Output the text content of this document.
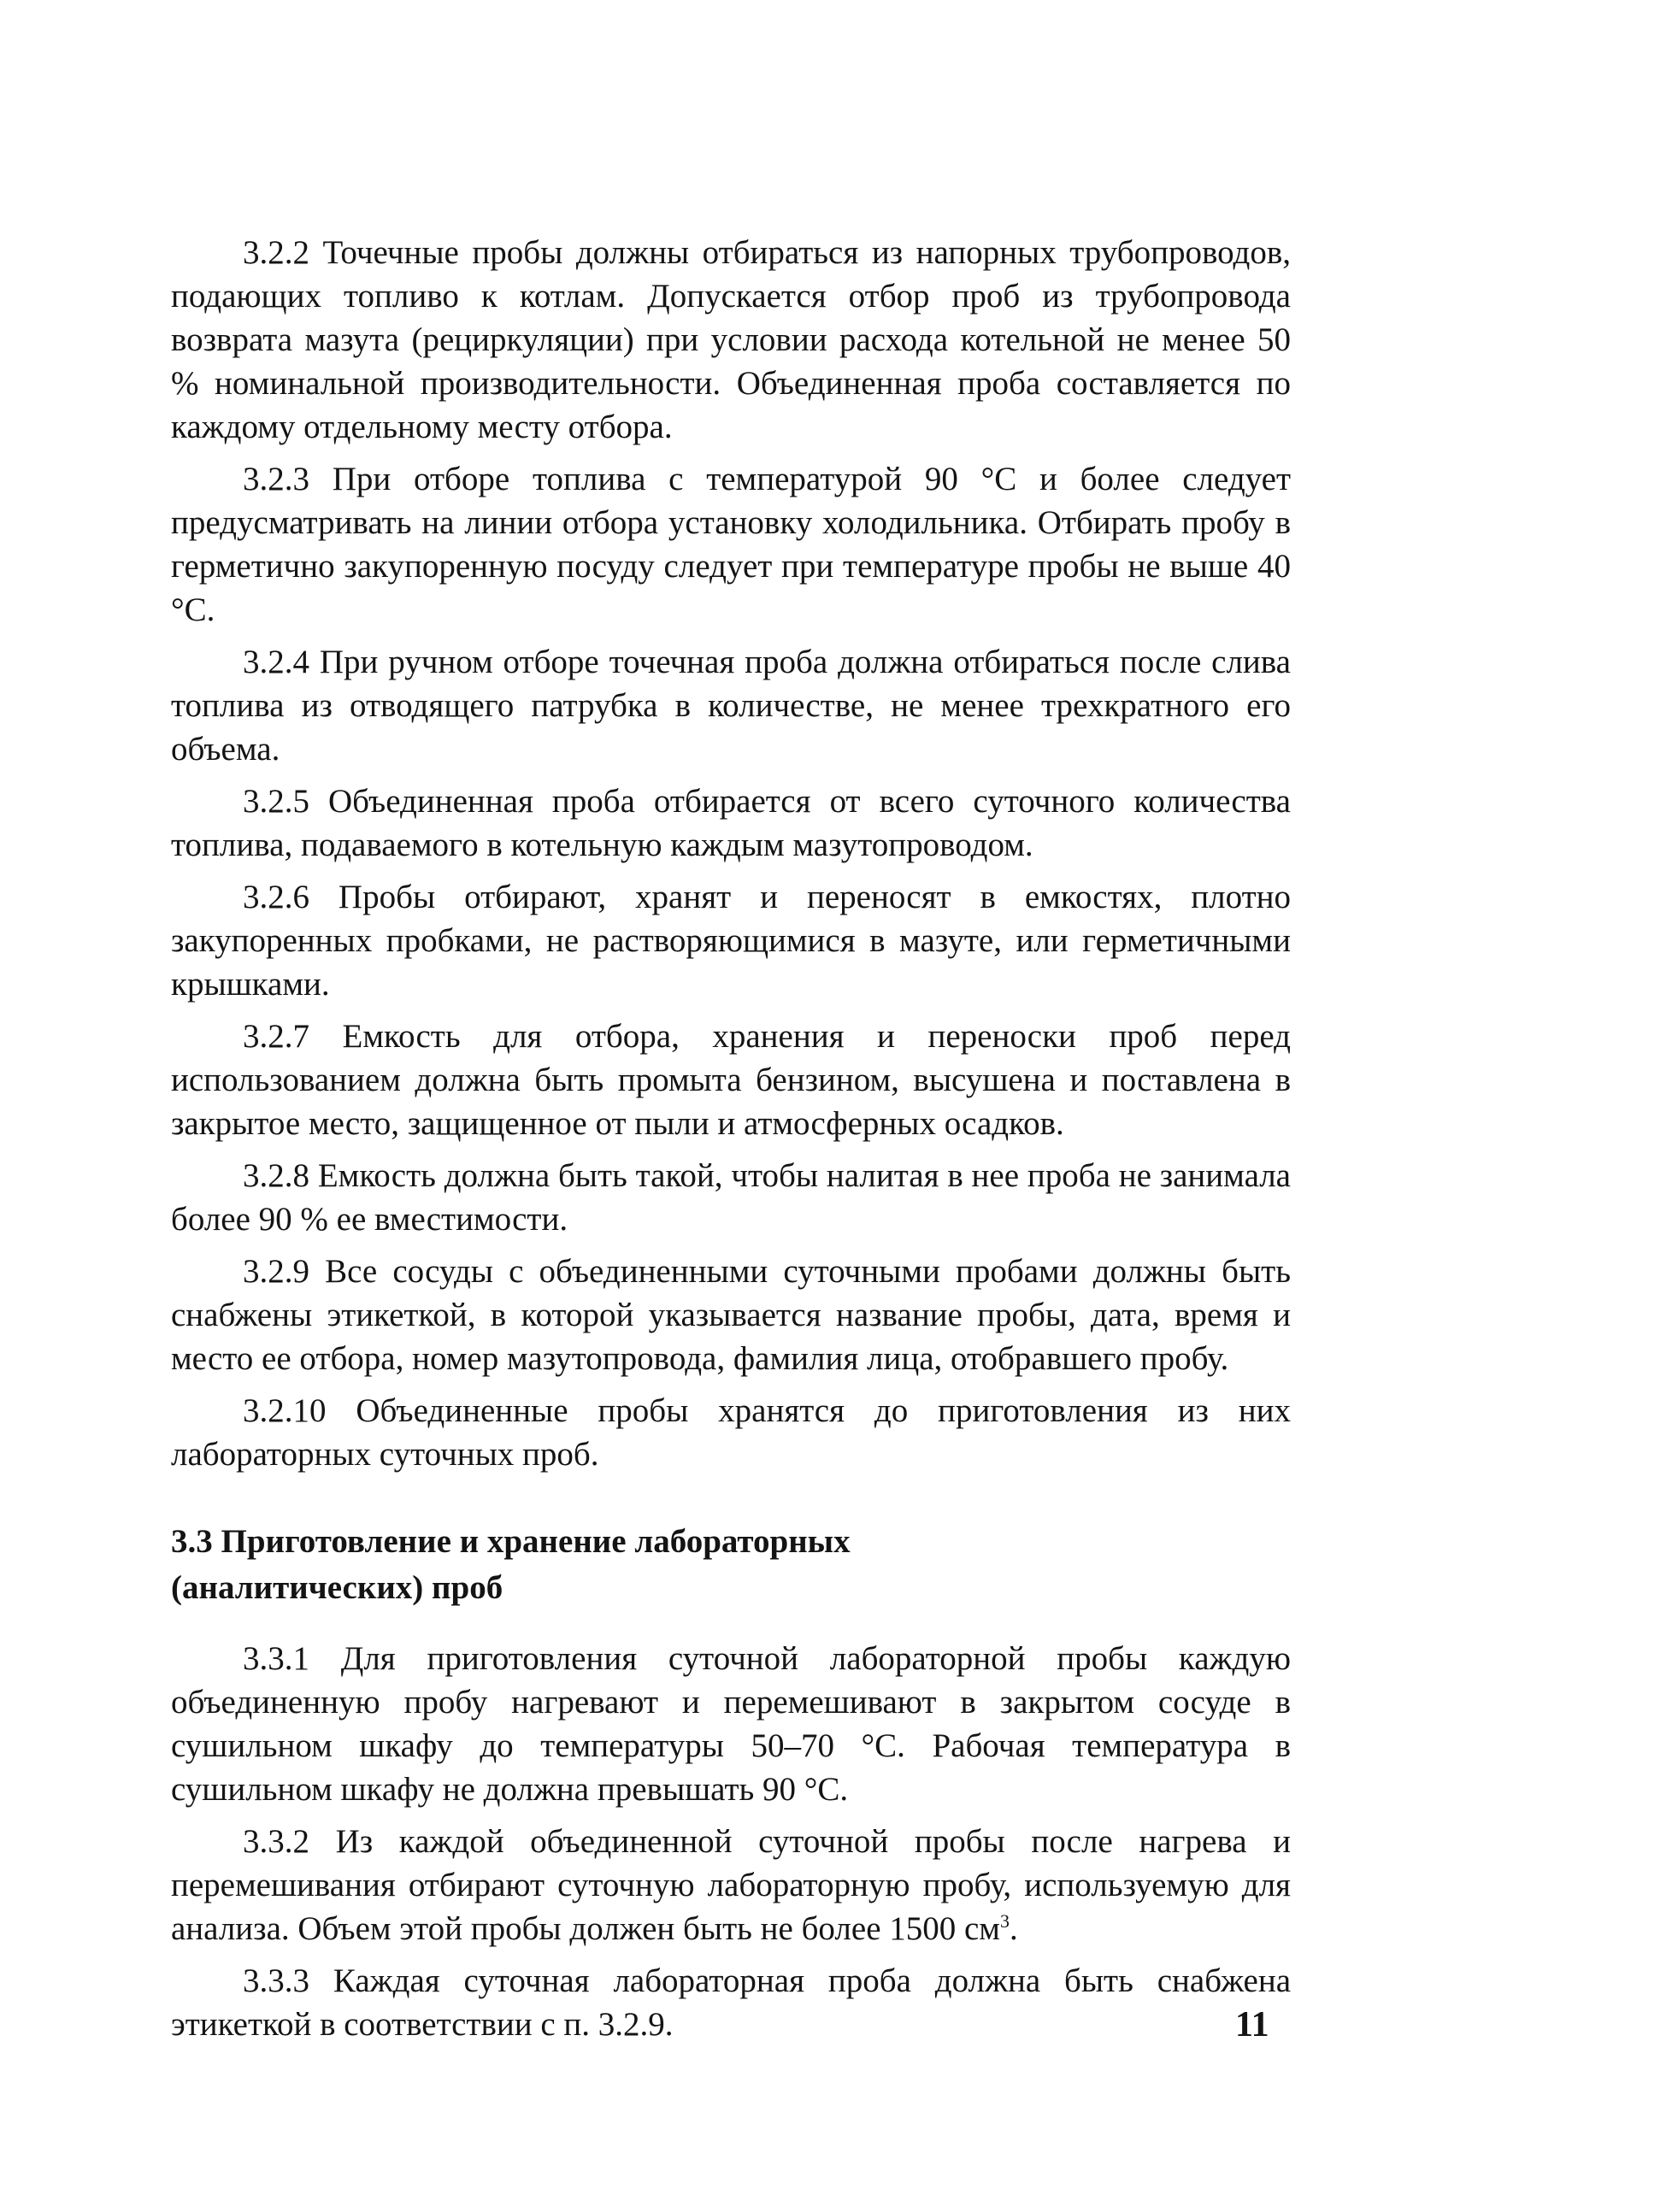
3.2.2 Точечные пробы должны отбираться из напорных трубопроводов, подающих топливо к котлам. Допускается отбор проб из трубопровода возврата мазута (рециркуляции) при условии расхода котельной не менее 50 % номинальной производительности. Объединенная проба составляется по каждому отдельному месту отбора.

3.2.3 При отборе топлива с температурой 90 °С и более следует предусматривать на линии отбора установку холодильника. Отбирать пробу в герметично закупоренную посуду следует при температуре пробы не выше 40 °С.

3.2.4 При ручном отборе точечная проба должна отбираться после слива топлива из отводящего патрубка в количестве, не менее трехкратного его объема.

3.2.5 Объединенная проба отбирается от всего суточного количества топлива, подаваемого в котельную каждым мазутопроводом.

3.2.6 Пробы отбирают, хранят и переносят в емкостях, плотно закупоренных пробками, не растворяющимися в мазуте, или герметичными крышками.

3.2.7 Емкость для отбора, хранения и переноски проб перед использованием должна быть промыта бензином, высушена и поставлена в закрытое место, защищенное от пыли и атмосферных осадков.

3.2.8 Емкость должна быть такой, чтобы налитая в нее проба не занимала более 90 % ее вместимости.

3.2.9 Все сосуды с объединенными суточными пробами должны быть снабжены этикеткой, в которой указывается название пробы, дата, время и место ее отбора, номер мазутопровода, фамилия лица, отобравшего пробу.

3.2.10 Объединенные пробы хранятся до приготовления из них лабораторных суточных проб.

3.3 Приготовление и хранение лабораторных (аналитических) проб

3.3.1 Для приготовления суточной лабораторной пробы каждую объединенную пробу нагревают и перемешивают в закрытом сосуде в сушильном шкафу до температуры 50–70 °С. Рабочая температура в сушильном шкафу не должна превышать 90 °С.

3.3.2 Из каждой объединенной суточной пробы после нагрева и перемешивания отбирают суточную лабораторную пробу, используемую для анализа. Объем этой пробы должен быть не более 1500 $см^3$.

3.3.3 Каждая суточная лабораторная проба должна быть снабжена этикеткой в соответствии с п. 3.2.9.	11
